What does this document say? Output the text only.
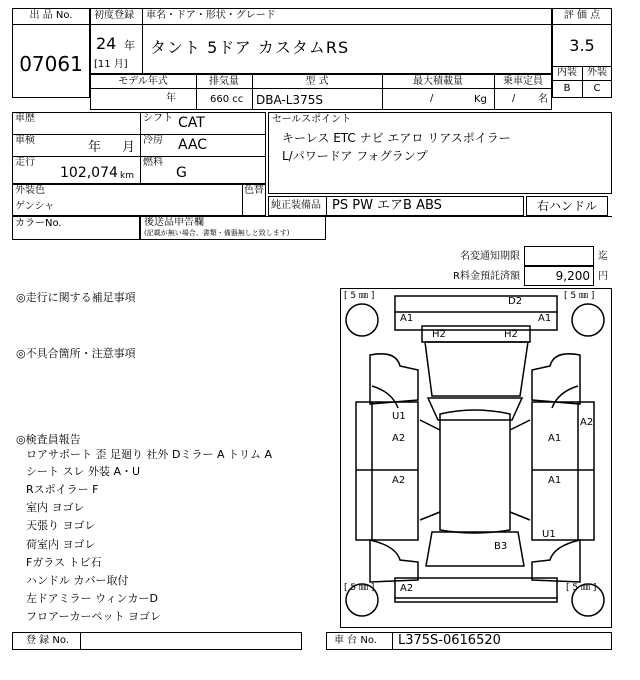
出 品 No.
07061
初度登録 車名・ドア・形状・グレード
24 年
[11 月]
タント 5ドア カスタムRS
評 価 点
3.5
内装	外装
B	C
モデル年式	排気量	型 式	最大積載量	乗車定員
年	660 cc DBA-L375S	/	Kg	/ 名
車歴	シフト CAT
車検	年 月 冷房 AAC
走行
102,074 km
燃料
G
外装色
ゲンシャ
色替
カラーNo.	後送品申告欄
(記載が無い場合、書類・備器無しと致します)
セールスポイント
キーレス ETC ナビ エアロ リアスポイラー
L/パワードア フォグランプ
純正装備品 PS PW エアB ABS	右ハンドル
名変通知期限	迄
R料金預託済額	9,200 円
◎走行に関する補足事項
◎不具合箇所・注意事項
◎検査員報告
ロアサポート 歪 足廻り 社外 Dミラー A トリム A
シート スレ 外装 A・U
Rスポイラー F
室内 ヨゴレ
天張り ヨゴレ
荷室内 ヨゴレ
Fガラス トビ石
ハンドル カバー取付
左ドアミラー ウィンカーD
フロアーカーペット ヨゴレ
[ 5 ㎜ ]	[ 5 ㎜ ]
[ 5 ㎜ ]	[ 5 ㎜ ]
D2
A1	A1
H2	H2
U1
A2	A1
A2
A2	A1
U1
B3
A2
登 録 No.	車 台 No. L375S-0616520
